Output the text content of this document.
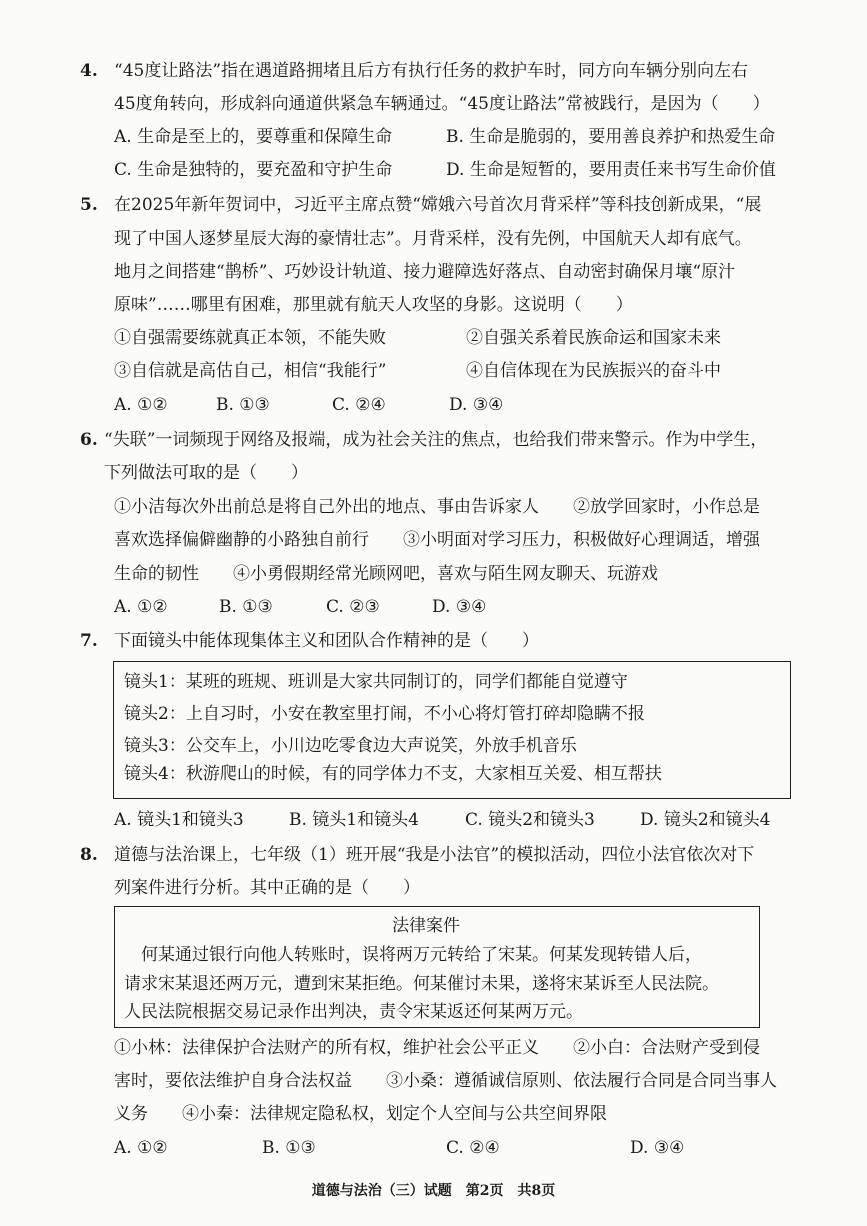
4. “45度让路法”指在遇道路拥堵且后方有执行任务的救护车时，同方向车辆分别向左右
45度角转向，形成斜向通道供紧急车辆通过。“45度让路法”常被践行，是因为（　　）
A. 生命是至上的，要尊重和保障生命	B. 生命是脆弱的，要用善良养护和热爱生命
C. 生命是独特的，要充盈和守护生命	D. 生命是短暂的，要用责任来书写生命价值
5. 在2025年新年贺词中，习近平主席点赞“嫦娥六号首次月背采样”等科技创新成果，“展
现了中国人逐梦星辰大海的豪情壮志”。月背采样，没有先例，中国航天人却有底气。
地月之间搭建“鹊桥”、巧妙设计轨道、接力避障选好落点、自动密封确保月壤“原汁
原味”……哪里有困难，那里就有航天人攻坚的身影。这说明（　　）
①自强需要练就真正本领，不能失败	②自强关系着民族命运和国家未来
③自信就是高估自己，相信“我能行”	④自信体现在为民族振兴的奋斗中
A. ①②	B. ①③	C. ②④	D. ③④
6. “失联”一词频现于网络及报端，成为社会关注的焦点，也给我们带来警示。作为中学生，
下列做法可取的是（　　）
①小洁每次外出前总是将自己外出的地点、事由告诉家人　　②放学回家时，小作总是
喜欢选择偏僻幽静的小路独自前行　　③小明面对学习压力，积极做好心理调适，增强
生命的韧性　　④小勇假期经常光顾网吧，喜欢与陌生网友聊天、玩游戏
A. ①②	B. ①③	C. ②③	D. ③④
7. 下面镜头中能体现集体主义和团队合作精神的是（　　）
镜头1：某班的班规、班训是大家共同制订的，同学们都能自觉遵守
镜头2：上自习时，小安在教室里打闹，不小心将灯管打碎却隐瞒不报
镜头3：公交车上，小川边吃零食边大声说笑，外放手机音乐
镜头4：秋游爬山的时候，有的同学体力不支，大家相互关爱、相互帮扶
A. 镜头1和镜头3	B. 镜头1和镜头4	C. 镜头2和镜头3	D. 镜头2和镜头4
8. 道德与法治课上，七年级（1）班开展“我是小法官”的模拟活动，四位小法官依次对下
列案件进行分析。其中正确的是（　　）
法律案件
　何某通过银行向他人转账时，误将两万元转给了宋某。何某发现转错人后，
请求宋某退还两万元，遭到宋某拒绝。何某催讨未果，遂将宋某诉至人民法院。
人民法院根据交易记录作出判决，责令宋某返还何某两万元。
①小林：法律保护合法财产的所有权，维护社会公平正义　　②小白：合法财产受到侵
害时，要依法维护自身合法权益　　③小桑：遵循诚信原则、依法履行合同是合同当事人
义务　　④小秦：法律规定隐私权，划定个人空间与公共空间界限
A. ①②	B. ①③	C. ②④	D. ③④
道德与法治（三）试题　第2页　共8页
